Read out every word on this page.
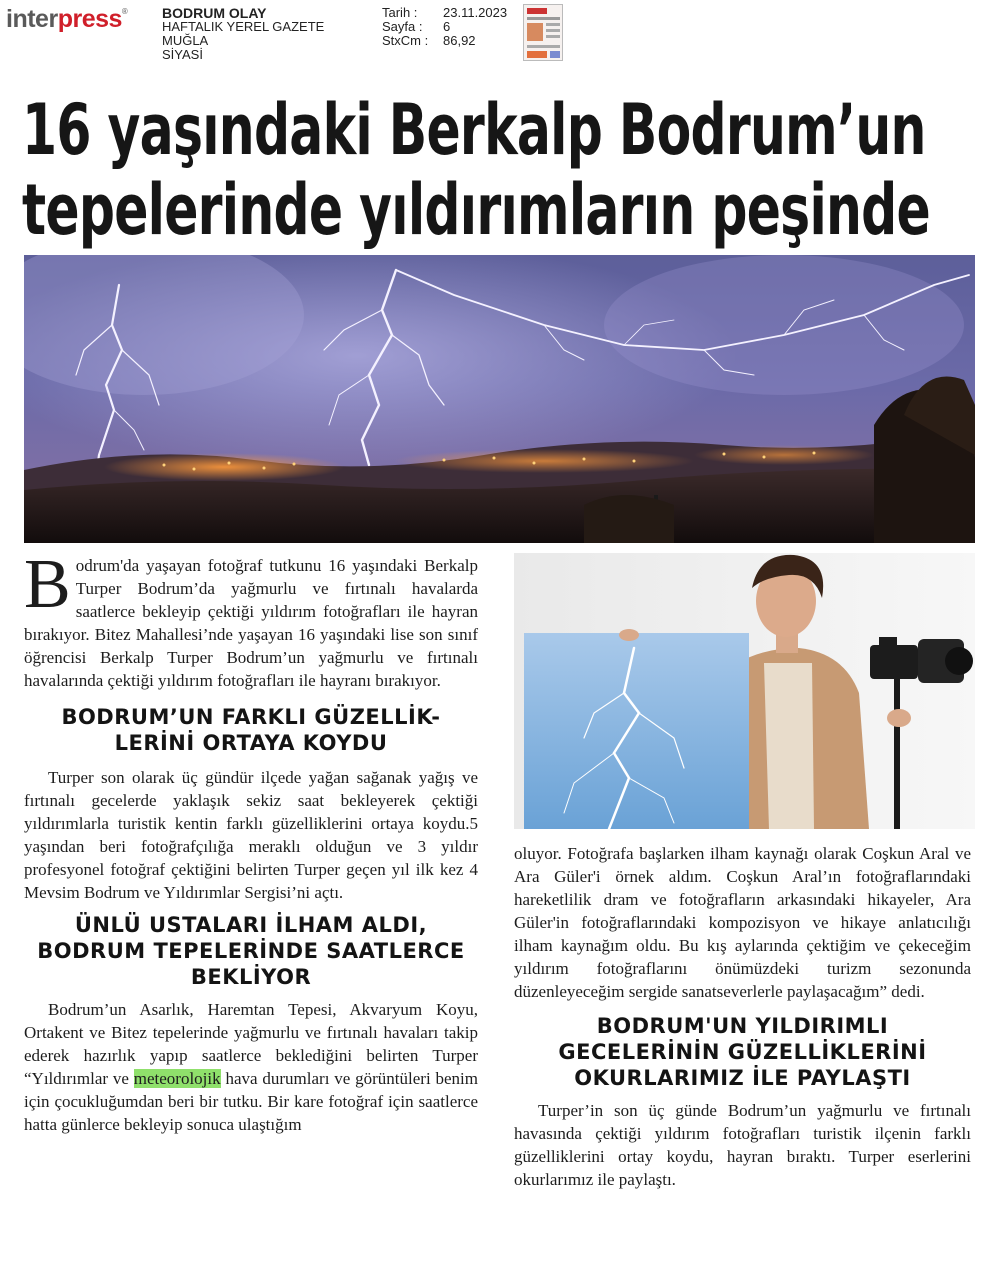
interpress® BODRUM OLAY
HAFTALIK YEREL GAZETE
MUĞLA
SİYASİ
Tarih :	23.11.2023
Sayfa :	6
StxCm :	86,92
16 yaşındaki Berkalp Bodrum’un
tepelerinde yıldırımların peşinde

Bodrum'da yaşayan fotoğraf tutkunu 16 yaşındaki Berkalp Turper Bodrum’da yağmurlu ve fırtınalı havalarda saatlerce bekleyip çektiği yıldırım fotoğrafları ile hayran bırakıyor. Bitez Mahallesi’nde yaşayan 16 yaşındaki lise son sınıf öğrencisi Berkalp Turper Bodrum’un yağmurlu ve fırtınalı havalarında çektiği yıldırım fotoğrafları ile hayranı bırakıyor.

BODRUM’UN FARKLI GÜZELLİK-
LERİNİ ORTAYA KOYDU

Turper son olarak üç gündür ilçede yağan sağanak yağış ve fırtınalı gecelerde yaklaşık sekiz saat bekleyerek çektiği yıldırımlarla turistik kentin farklı güzelliklerini ortaya koydu.5 yaşından beri fotoğrafçılığa meraklı olduğun ve 3 yıldır profesyonel fotoğraf çektiğini belirten Turper geçen yıl ilk kez 4 Mevsim Bodrum ve Yıldırımlar Sergisi’ni açtı.

ÜNLÜ USTALARI İLHAM ALDI,
BODRUM TEPELERİNDE SAATLERCE
BEKLİYOR

Bodrum’un Asarlık, Haremtan Tepesi, Akvaryum Koyu, Ortakent ve Bitez tepelerinde yağmurlu ve fırtınalı havaları takip ederek hazırlık yapıp saatlerce beklediğini belirten Turper “Yıldırımlar ve meteorolojik hava durumları ve görüntüleri benim için çocukluğumdan beri bir tutku. Bir kare fotoğraf için saatlerce hatta günlerce bekleyip sonuca ulaştığım

oluyor. Fotoğrafa başlarken ilham kaynağı olarak Coşkun Aral ve Ara Güler'i örnek aldım. Coşkun Aral’ın fotoğraflarındaki hareketlilik dram ve fotoğrafların arkasındaki hikayeler, Ara Güler'in fotoğraflarındaki kompozisyon ve hikaye anlatıcılığı ilham kaynağım oldu. Bu kış aylarında çektiğim ve çekeceğim yıldırım fotoğraflarını önümüzdeki turizm sezonunda düzenleyeceğim sergide sanatseverlerle paylaşacağım” dedi.

BODRUM'UN YILDIRIMLI
GECELERİNİN GÜZELLİKLERİNİ
OKURLARIMIZ İLE PAYLAŞTI

Turper’in son üç günde Bodrum’un yağmurlu ve fırtınalı havasında çektiği yıldırım fotoğrafları turistik ilçenin farklı güzelliklerini ortay koydu, hayran bıraktı. Turper eserlerini okurlarımız ile paylaştı.
